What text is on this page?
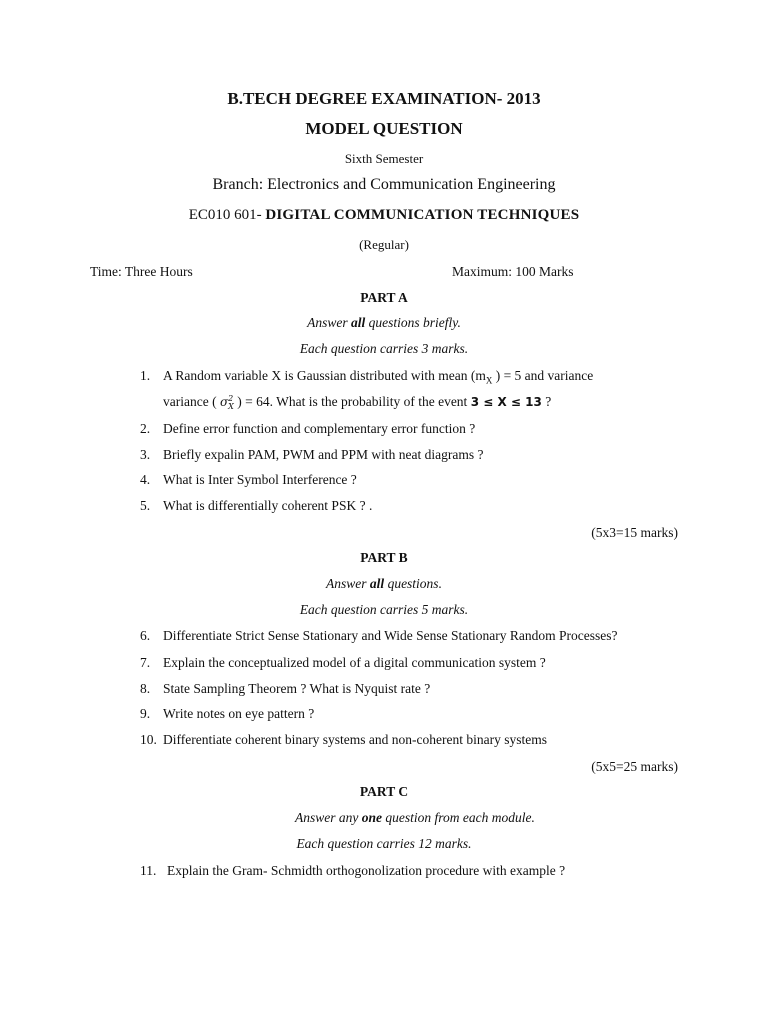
B.TECH DEGREE EXAMINATION- 2013
MODEL QUESTION
Sixth Semester
Branch: Electronics and Communication Engineering
EC010 601- DIGITAL COMMUNICATION TECHNIQUES
(Regular)
Time: Three Hours	Maximum: 100 Marks
PART A
Answer all questions briefly.
Each question carries 3 marks.
1. A Random variable X is Gaussian distributed with mean ($m_X$ ) = 5 and variance
variance ( σ 2
X ) = 64. What is the probability of the event 3 ≤ X ≤ 13 ?
2. Define error function and complementary error function ?
3. Briefly expalin PAM, PWM and PPM with neat diagrams ?
4. What is Inter Symbol Interference ?
5. What is differentially coherent PSK ? .
(5x3=15 marks)
PART B
Answer all questions.
Each question carries 5 marks.
6. Differentiate Strict Sense Stationary and Wide Sense Stationary Random Processes?
7. Explain the conceptualized model of a digital communication system ?
8. State Sampling Theorem ? What is Nyquist rate ?
9. Write notes on eye pattern ?
10. Differentiate coherent binary systems and non-coherent binary systems
(5x5=25 marks)
PART C
Answer any one question from each module.
Each question carries 12 marks.
11. Explain the Gram- Schmidth orthogonolization procedure with example ?
